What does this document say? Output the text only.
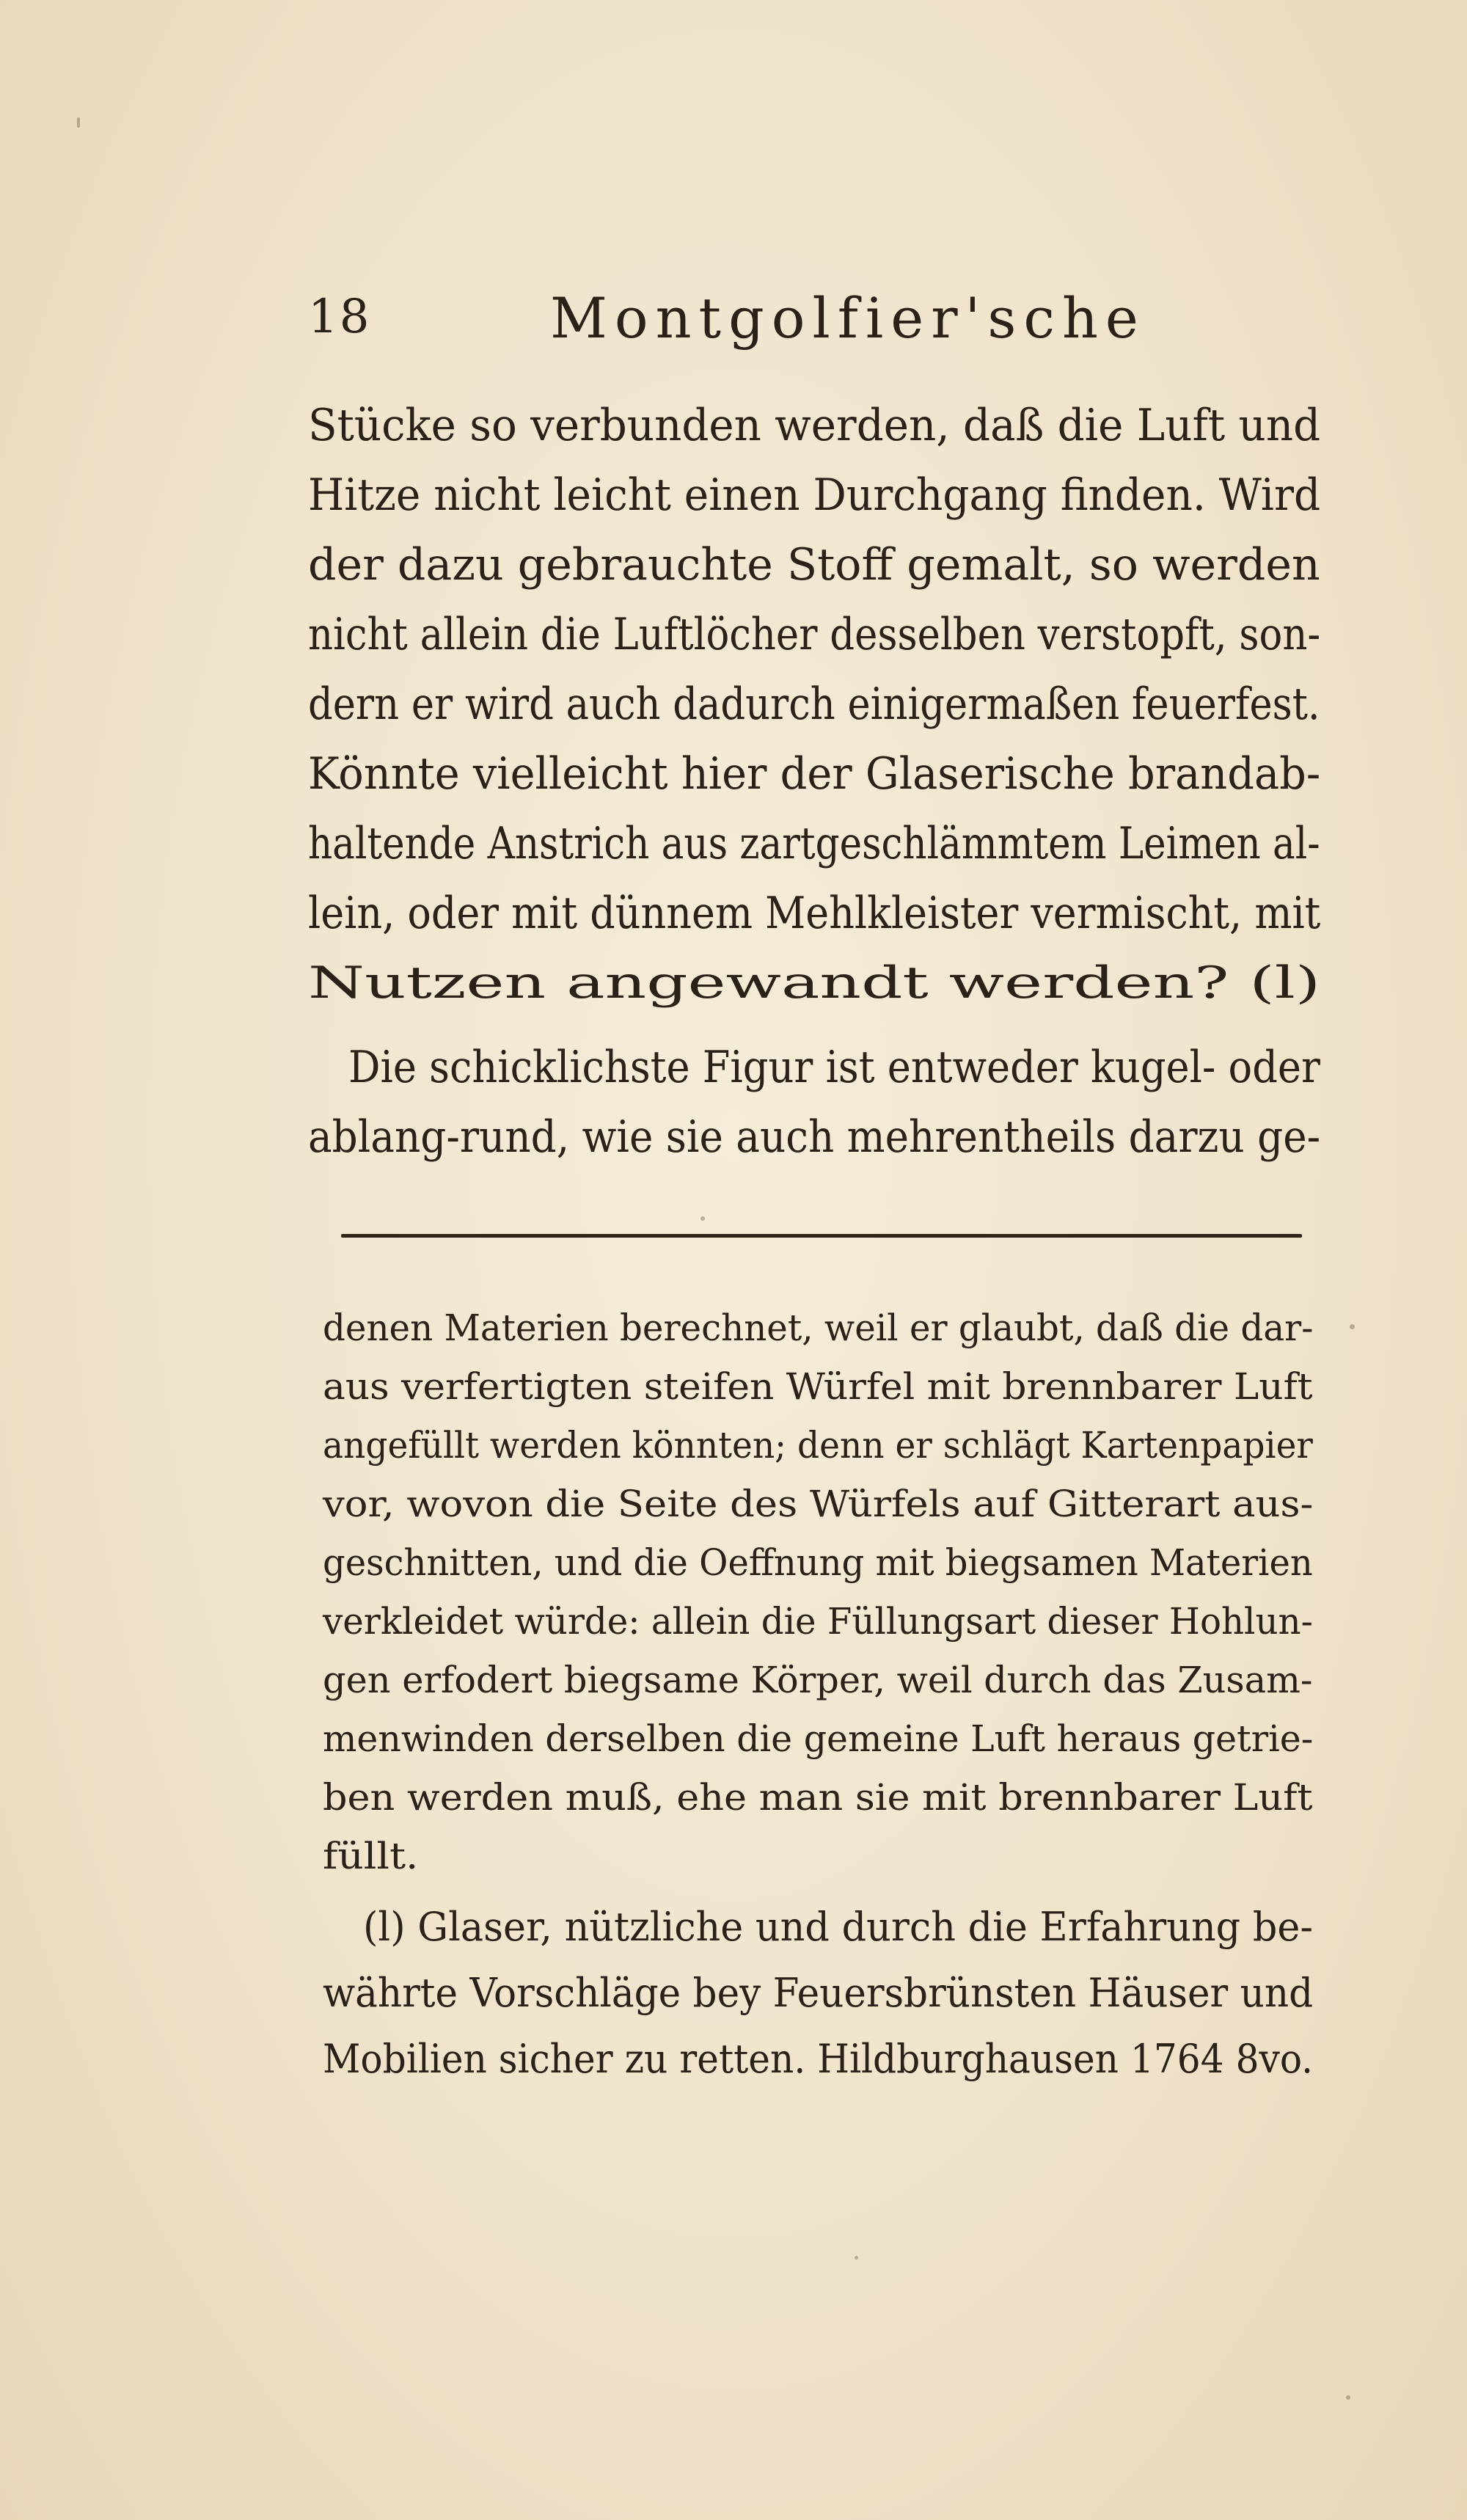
18	Montgolfier'sche
Stücke so verbunden werden, daß die Luft und
Hitze nicht leicht einen Durchgang finden. Wird
der dazu gebrauchte Stoff gemalt, so werden
nicht allein die Luftlöcher desselben verstopft, son-
dern er wird auch dadurch einigermaßen feuerfest.
Könnte vielleicht hier der Glaserische brandab-
haltende Anstrich aus zartgeschlämmtem Leimen al-
lein, oder mit dünnem Mehlkleister vermischt, mit
Nutzen angewandt werden? (l)
Die schicklichste Figur ist entweder kugel- oder
ablang-rund, wie sie auch mehrentheils darzu ge-
denen Materien berechnet, weil er glaubt, daß die dar-
aus verfertigten steifen Würfel mit brennbarer Luft
angefüllt werden könnten; denn er schlägt Kartenpapier
vor, wovon die Seite des Würfels auf Gitterart aus-
geschnitten, und die Oeffnung mit biegsamen Materien
verkleidet würde: allein die Füllungsart dieser Hohlun-
gen erfodert biegsame Körper, weil durch das Zusam-
menwinden derselben die gemeine Luft heraus getrie-
ben werden muß, ehe man sie mit brennbarer Luft
füllt.
(l) Glaser, nützliche und durch die Erfahrung be-
währte Vorschläge bey Feuersbrünsten Häuser und
Mobilien sicher zu retten. Hildburghausen 1764 8vo.
